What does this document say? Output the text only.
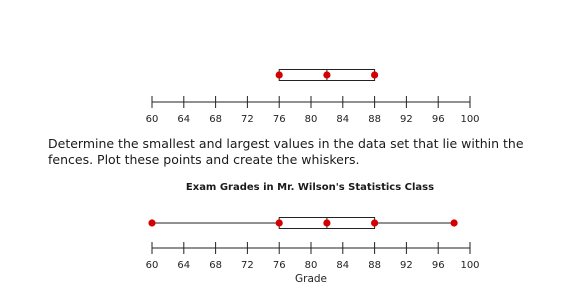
60 64 68 72 76 80 84 88 92 96 100

Determine the smallest and largest values in the data set that lie within the fences. Plot these points and create the whiskers.

Exam Grades in Mr. Wilson's Statistics Class

60 64 68 72 76 80 84 88 92 96 100
Grade
